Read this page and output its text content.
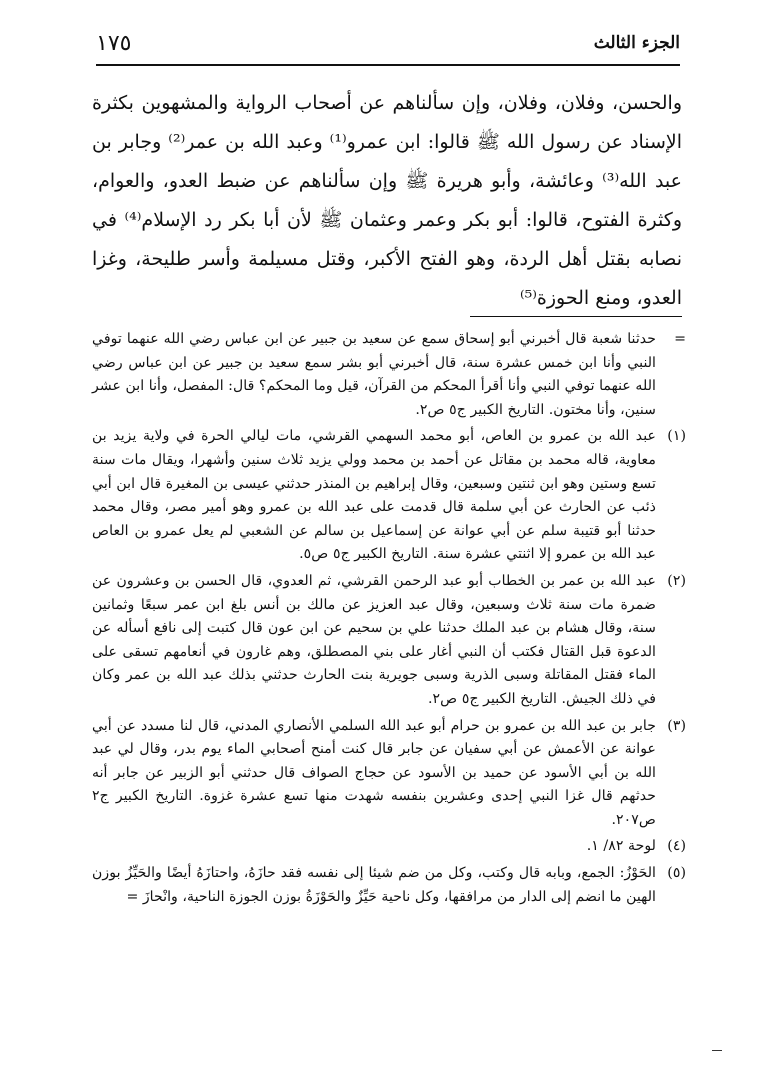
١٧٥	الجزء الثالث

والحسن، وفلان، وفلان، وإن سألناهم عن أصحاب الرواية والمشهوين بكثرة الإسناد عن رسول الله ﷺ قالوا: ابن عمرو⁽¹⁾ وعبد الله بن عمر⁽²⁾ وجابر بن عبد الله⁽³⁾ وعائشة، وأبو هريرة ﷺ وإن سألناهم عن ضبط العدو، والعوام، وكثرة الفتوح، قالوا: أبو بكر وعمر وعثمان ﷺ لأن أبا بكر رد الإسلام⁽⁴⁾ في نصابه بقتل أهل الردة، وهو الفتح الأكبر، وقتل مسيلمة وأسر طليحة، وغزا العدو، ومنع الحوزة⁽⁵⁾

=

حدثنا شعبة قال أخبرني أبو إسحاق سمع عن سعيد بن جبير عن ابن عباس رضي الله عنهما توفي النبي وأنا ابن خمس عشرة سنة، قال أخبرني أبو بشر سمع سعيد بن جبير عن ابن عباس رضي الله عنهما توفي النبي وأنا أقرأ المحكم من القرآن، قيل وما المحكم؟ قال: المفصل، وأنا ابن عشر سنين، وأنا مختون. التاريخ الكبير ج٥ ص٢.

(١)

عبد الله بن عمرو بن العاص، أبو محمد السهمي القرشي، مات ليالي الحرة في ولاية يزيد بن معاوية، قاله محمد بن مقاتل عن أحمد بن محمد وولي يزيد ثلاث سنين وأشهرا، ويقال مات سنة تسع وستين وهو ابن ثنتين وسبعين، وقال إبراهيم بن المنذر حدثني عيسى بن المغيرة قال ابن أبي ذئب عن الحارث عن أبي سلمة قال قدمت على عبد الله بن عمرو وهو أمير مصر، وقال محمد حدثنا أبو قتيبة سلم عن أبي عوانة عن إسماعيل بن سالم عن الشعبي لم يعل عمرو بن العاص عبد الله بن عمرو إلا اثنتي عشرة سنة. التاريخ الكبير ج٥ ص٥.

(٢)

عبد الله بن عمر بن الخطاب أبو عبد الرحمن القرشي، ثم العدوي، قال الحسن بن وعشرون عن ضمرة مات سنة ثلاث وسبعين، وقال عبد العزيز عن مالك بن أنس بلغ ابن عمر سبعًا وثمانين سنة، وقال هشام بن عبد الملك حدثنا علي بن سحيم عن ابن عون قال كتبت إلى نافع أسأله عن الدعوة قبل القتال فكتب أن النبي أغار على بني المصطلق، وهم غارون في أنعامهم تسقى على الماء فقتل المقاتلة وسبى الذرية وسبى جويرية بنت الحارث حدثني بذلك عبد الله بن عمر وكان في ذلك الجيش. التاريخ الكبير ج٥ ص٢.

(٣)

جابر بن عبد الله بن عمرو بن حرام أبو عبد الله السلمي الأنصاري المدني، قال لنا مسدد عن أبي عوانة عن الأعمش عن أبي سفيان عن جابر قال كنت أمنح أصحابي الماء يوم بدر، وقال لي عبد الله بن أبي الأسود عن حميد بن الأسود عن حجاج الصواف قال حدثني أبو الزبير عن جابر أنه حدثهم قال غزا النبي إحدى وعشرين بنفسه شهدت منها تسع عشرة غزوة. التاريخ الكبير ج٢ ص٢٠٧.

(٤)

لوحة ٨٢/ ١.

(٥)

الحَوْزُ: الجمع، وبابه قال وكتب، وكل من ضم شيئا إلى نفسه فقد حازَهُ، واحتازَهُ أيضًا والحَيِّزُ بوزن الهين ما انضم إلى الدار من مرافقها، وكل ناحية حَيِّزٌ والحَوْزَةُ بوزن الجوزة الناحية، وانْحازَ =
